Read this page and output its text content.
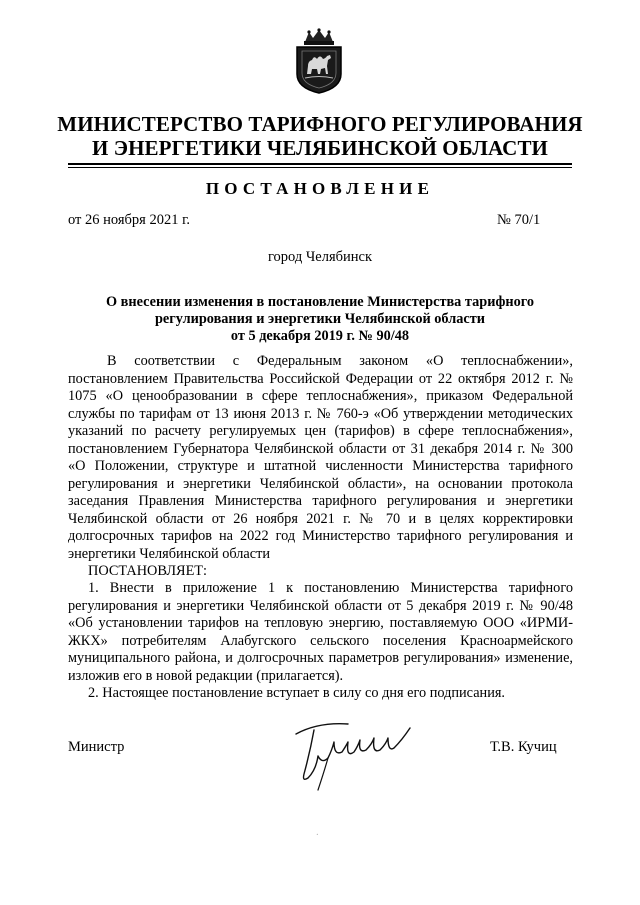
МИНИСТЕРСТВО ТАРИФНОГО РЕГУЛИРОВАНИЯ
И ЭНЕРГЕТИКИ ЧЕЛЯБИНСКОЙ ОБЛАСТИ
ПОСТАНОВЛЕНИЕ
от 26 ноября 2021 г.	№ 70/1
город Челябинск
О внесении изменения в постановление Министерства тарифного
регулирования и энергетики Челябинской области
от 5 декабря 2019 г. № 90/48
В соответствии с Федеральным законом «О теплоснабжении», постановлением Правительства Российской Федерации от 22 октября 2012 г. № 1075 «О ценообразовании в сфере теплоснабжения», приказом Федеральной службы по тарифам от 13 июня 2013 г. № 760-э «Об утверждении методических указаний по расчету регулируемых цен (тарифов) в сфере теплоснабжения», постановлением Губернатора Челябинской области от 31 декабря 2014 г. № 300 «О Положении, структуре и штатной численности Министерства тарифного регулирования и энергетики Челябинской области», на основании протокола заседания Правления Министерства тарифного регулирования и энергетики Челябинской области от 26 ноября 2021 г. № 70 и в целях корректировки долгосрочных тарифов на 2022 год Министерство тарифного регулирования и энергетики Челябинской области
ПОСТАНОВЛЯЕТ:
1. Внести в приложение 1 к постановлению Министерства тарифного регулирования и энергетики Челябинской области от 5 декабря 2019 г. № 90/48 «Об установлении тарифов на тепловую энергию, поставляемую ООО «ИРМИ-ЖКХ» потребителям Алабугского сельского поселения Красноармейского муниципального района, и долгосрочных параметров регулирования» изменение, изложив его в новой редакции (прилагается).
2. Настоящее постановление вступает в силу со дня его подписания.
Министр	Т.В. Кучиц
.
